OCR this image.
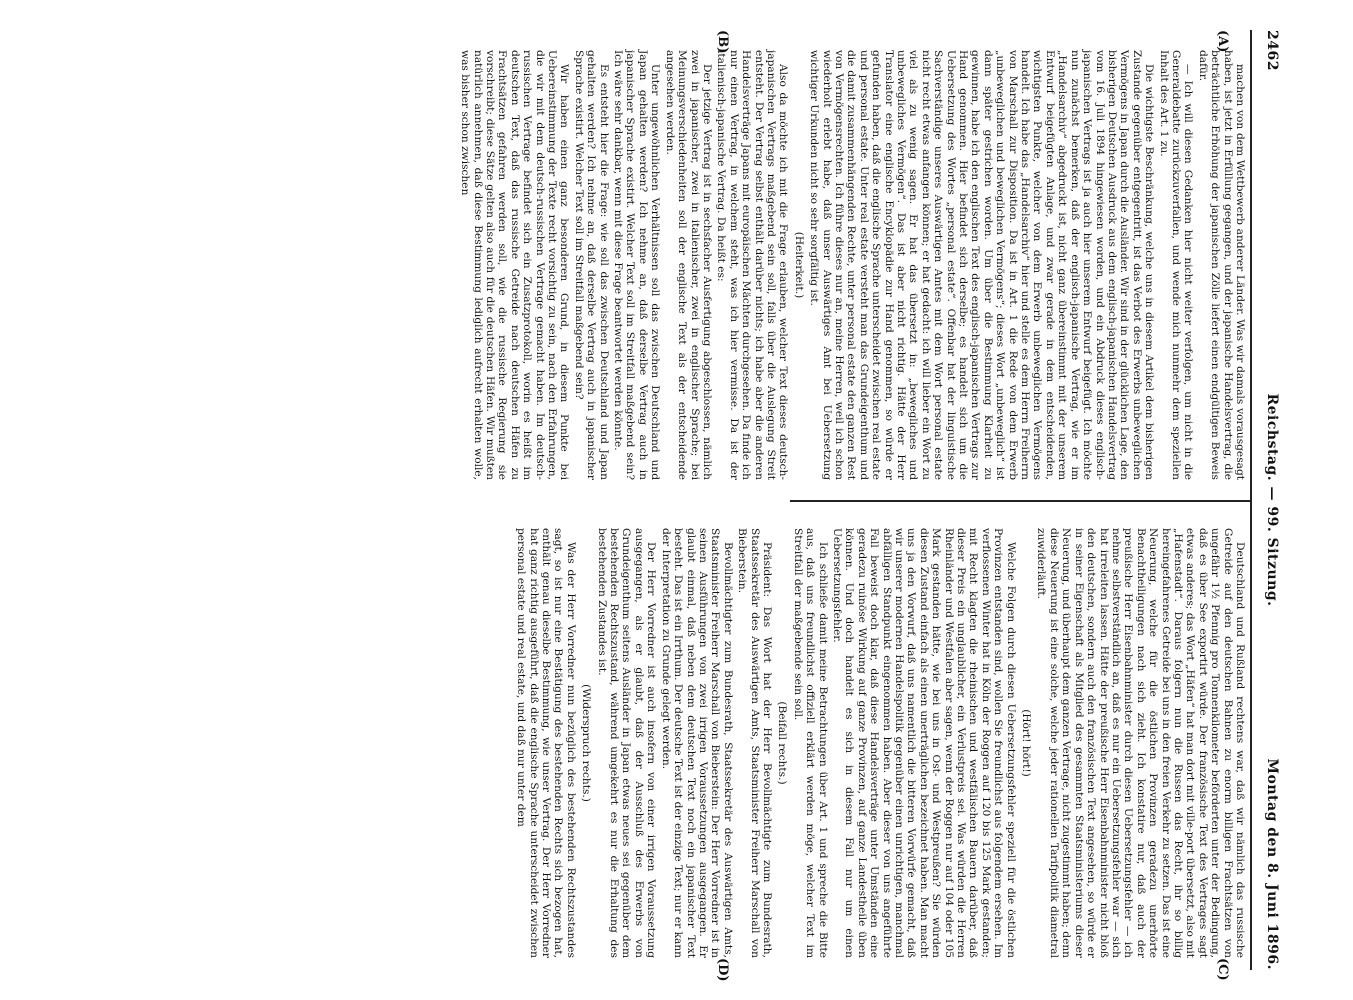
2462
Reichstag. — 99. Sitzung.
Montag den 8. Juni 1896.
(A)
(B)
(C)
(D)

machen von dem Wettbewerb anderer Länder. Was wir damals vorausgesagt haben, ist jetzt in Erfüllung gegangen, und der japanische Handelsvertrag, die beträchtliche Erhöhung der japanischen Zölle liefert einen endgültigen Beweis dafür.

— Ich will diesen Gedanken hier nicht weiter verfolgen, um nicht in die Generaldebatte zurückzuverfallen, und wende mich nunmehr dem speziellen Inhalt des Art. 1 zu.

Die wichtigste Beschränkung, welche uns in diesem Artikel dem bisherigen Zustande gegenüber entgegentritt, ist das Verbot des Erwerbs unbeweglichen Vermögens in Japan durch die Ausländer. Wir sind in der glücklichen Lage, den bisherigen Deutschen Ausdruck aus dem englisch-japanischen Handelsvertrag vom 16. Juli 1894 hingewiesen worden, und ein Abdruck dieses englisch-japanischen Vertrags ist ja auch hier unserem Entwurf beigefügt. Ich möchte nun zunächst bemerken, daß der englisch-japanische Vertrag, wie er im „Handelsarchiv“ abgedruckt ist, nicht ganz übereinstimmt mit der unserem Entwurf beigefügten Anlage, und zwar gerade in dem entscheidenden, wichtigsten Punkte, welcher von dem Erwerb unbeweglichen Vermögens handelt. Ich habe das „Handelsarchiv“ hier und stelle es dem Herrn Freiherrn von Marschall zur Disposition. Da ist in Art. 1 die Rede von dem Erwerb „unbeweglichen und beweglichen Vermögens“; dieses Wort „unbeweglich“ ist dann später gestrichen worden. Um über die Bestimmung Klarheit zu gewinnen, habe ich den englischen Text des englisch-japanischen Vertrags zur Hand genommen. Hier befindet sich derselbe; es handelt sich um die Uebersetzung des Wortes „personal estate“. Offenbar hat der linguistische Sachverständige unseres Auswärtigen Amtes mit dem Wort personal estate nicht recht etwas anfangen können; er hat gedacht: ich will lieber ein Wort zu viel als zu wenig sagen. Er hat das übersetzt in: „bewegliches und unbewegliches Vermögen“. Das ist aber nicht richtig. Hätte der Herr Translator eine englische Encyklopädie zur Hand genommen, so würde er gefunden haben, daß die englische Sprache unterscheidet zwischen real estate und personal estate. Unter real estate versteht man das Grundeigenthum und die damit zusammenhängenden Rechte, unter personal estate den ganzen Rest von Vermögensrechten. Ich führe dieses nur an, meine Herren, weil ich schon wiederholt erlebt habe, daß unser Auswärtiges Amt bei Uebersetzung wichtiger Urkunden nicht so sehr sorgfältig ist.

(Heiterkeit.)

Also da möchte ich mit die Frage erlauben, welcher Text dieses deutsch-japanischen Vertrags maßgebend sein soll, falls über die Auslegung Streit entsteht. Der Vertrag selbst enthält darüber nichts; ich habe aber die anderen Handelsverträge Japans mit europäischen Mächten durchgesehen. Da finde ich nur einen Vertrag, in welchem steht, was ich hier vermisse. Da ist der italienisch-japanische Vertrag. Da heißt es:

Der jetzige Vertrag ist in sechsfacher Ausfertigung abgeschlossen, nämlich zwei in japanischer, zwei in italienischer, zwei in englischer Sprache; bei Meinungsverschiedenheiten soll der englische Text als der entscheidende angesehen werden.

Unter ungewöhnlichen Verhältnissen soll das zwischen Deutschland und Japan gehalten werden? Ich nehme an, daß derselbe Vertrag auch in japanischer Sprache existirt. Welcher Text soll im Streitfall maßgebend sein? Ich wäre sehr dankbar, wenn mit diese Frage beantwortet werden könnte.

Es entsteht hier die Frage: wie soll das zwischen Deutschland und Japan gehalten werden? Ich nehme an, daß derselbe Vertrag auch in japanischer Sprache existirt. Welcher Text soll im Streitfall maßgebend sein?

Wir haben einen ganz besonderen Grund, in diesem Punkte bei Uebereinstimmung der Texte recht vorsichtig zu sein, nach den Erfahrungen, die wir mit dem deutsch-russischen Vertrage gemacht haben. Im deutsch-russischen Vertrage befindet sich ein Zusatzprotokoll, worin es heißt im deutschen Text, daß das russische Getreide nach deutschen Häfen zu Frachtsätzen gefahren werden soll, wie die russische Regierung sie vorschreibt; diese Sätze gelten also auch für die deutschen Häfen. Wir mußten natürlich annehmen, daß diese Bestimmung lediglich aufrecht erhalten wolle, was bisher schon zwischen

Deutschland und Rußland rechtens war, daß wir nämlich das russische Getreide auf den deutschen Bahnen zu enorm billigen Frachtsätzen von ungefähr 1½ Pfennig pro Tonnenkilometer beförderten unter der Bedingung, daß es über See exportirt würde. Der französische Text des Vertrages sagt etwas anderes; das Wort „Häfen“ hat man dort mit ville-port übersetzt, also mit „Hafenstadt“. Daraus folgern nun die Russen das Recht, ihr so billig hereingefahrenes Getreide bei uns in den freien Verkehr zu setzen. Das ist eine Neuerung, welche für die östlichen Provinzen geradezu unerhörte Benachtheiligungen nach sich zieht. Ich konstatire nur, daß auch der preußische Herr Eisenbahnminister durch diesen Uebersetzungsfehler — ich nehme selbstverständlich an, daß es nur ein Uebersetzungsfehler war — sich hat irreleiten lassen. Hätte der preußische Herr Eisenbahnminister nicht bloß den deutschen, sondern auch den französischen Text angesehen, so würde er in seiner Eigenschaft als Mitglied des gesammten Staatsministeriums dieser Neuerung, und überhaupt dem ganzen Vertrage, nicht zugestimmt haben; denn diese Neuerung ist eine solche, welche jeder rationellen Tarifpolitik diametral zuwiderläuft.

(Hört! hört!)

Welche Folgen durch diesen Uebersetzungsfehler speziell für die östlichen Provinzen entstanden sind, wollen Sie freundlichst aus folgendem ersehen. Im verflossenen Winter hat in Köln der Roggen auf 120 bis 125 Mark gestanden; mit Recht klagten die rheinischen und westfälischen Bauern darüber, daß dieser Preis ein unglaublicher, ein Verlustpreis sei. Was würden die Herren Rheinländer und Westfalen aber sagen, wenn der Roggen nur auf 104 oder 105 Mark gestanden hätte, wie bei uns in Ost- und Westpreußen? Sie würden diesen Zustand einfach als einen unerträglichen bezeichnet haben. Man macht uns ja den Vorwurf, daß uns namentlich die bitteren Vorwürfe gemacht, daß wir unserer modernen Handelspolitik gegenüber einen unrichtigen, manchmal abfälligen Standpunkt eingenommen haben. Aber dieser von uns angeführte Fall beweist doch klar, daß diese Handelsverträge unter Umständen eine geradezu ruinöse Wirkung auf ganze Provinzen, auf ganze Landestheile üben können. Und doch handelt es sich in diesem Fall nur um einen Uebersetzungsfehler.

Ich schließe damit meine Betrachtungen über Art. 1 und spreche die Bitte aus, daß uns freundlichst offiziell erklärt werden möge, welcher Text im Streitfall der maßgebende sein soll.

(Beifall rechts.)

Präsident: Das Wort hat der Herr Bevollmächtigte zum Bundesrath, Staatssekretär des Auswärtigen Amts, Staatsminister Freiherr Marschall von Bieberstein.

Bevollmächtigter zum Bundesrath, Staatssekretär des Auswärtigen Amts, Staatsminister Freiherr Marschall von Bieberstein: Der Herr Vorredner ist in seinen Ausführungen von zwei irrigen Voraussetzungen ausgegangen. Er glaubt einmal, daß neben dem deutschen Text noch ein japanischer Text besteht. Das ist ein Irrthum. Der deutsche Text ist der einzige Text; nur er kann der Interpretation zu Grunde gelegt werden.

Der Herr Vorredner ist auch insofern von einer irrigen Voraussetzung ausgegangen, als er glaubt, daß der Ausschluß des Erwerbs von Grundeigenthum seitens Ausländer in Japan etwas neues sei gegenüber dem bestehenden Rechtszustand, während umgekehrt es nur die Erhaltung des bestehenden Zustandes ist.

(Widerspruch rechts.)

Was der Herr Vorredner nun bezüglich des bestehenden Rechtszustandes sagt, so ist nur eine Bestätigung des bestehenden Rechts sich bezogen hat, enthält genau dieselbe Bestimmung, wie unser Vertrag. Der Herr Vorredner hat ganz richtig ausgeführt, daß die englische Sprache unterscheidet zwischen personal estate und real estate, und daß nur unter dem
